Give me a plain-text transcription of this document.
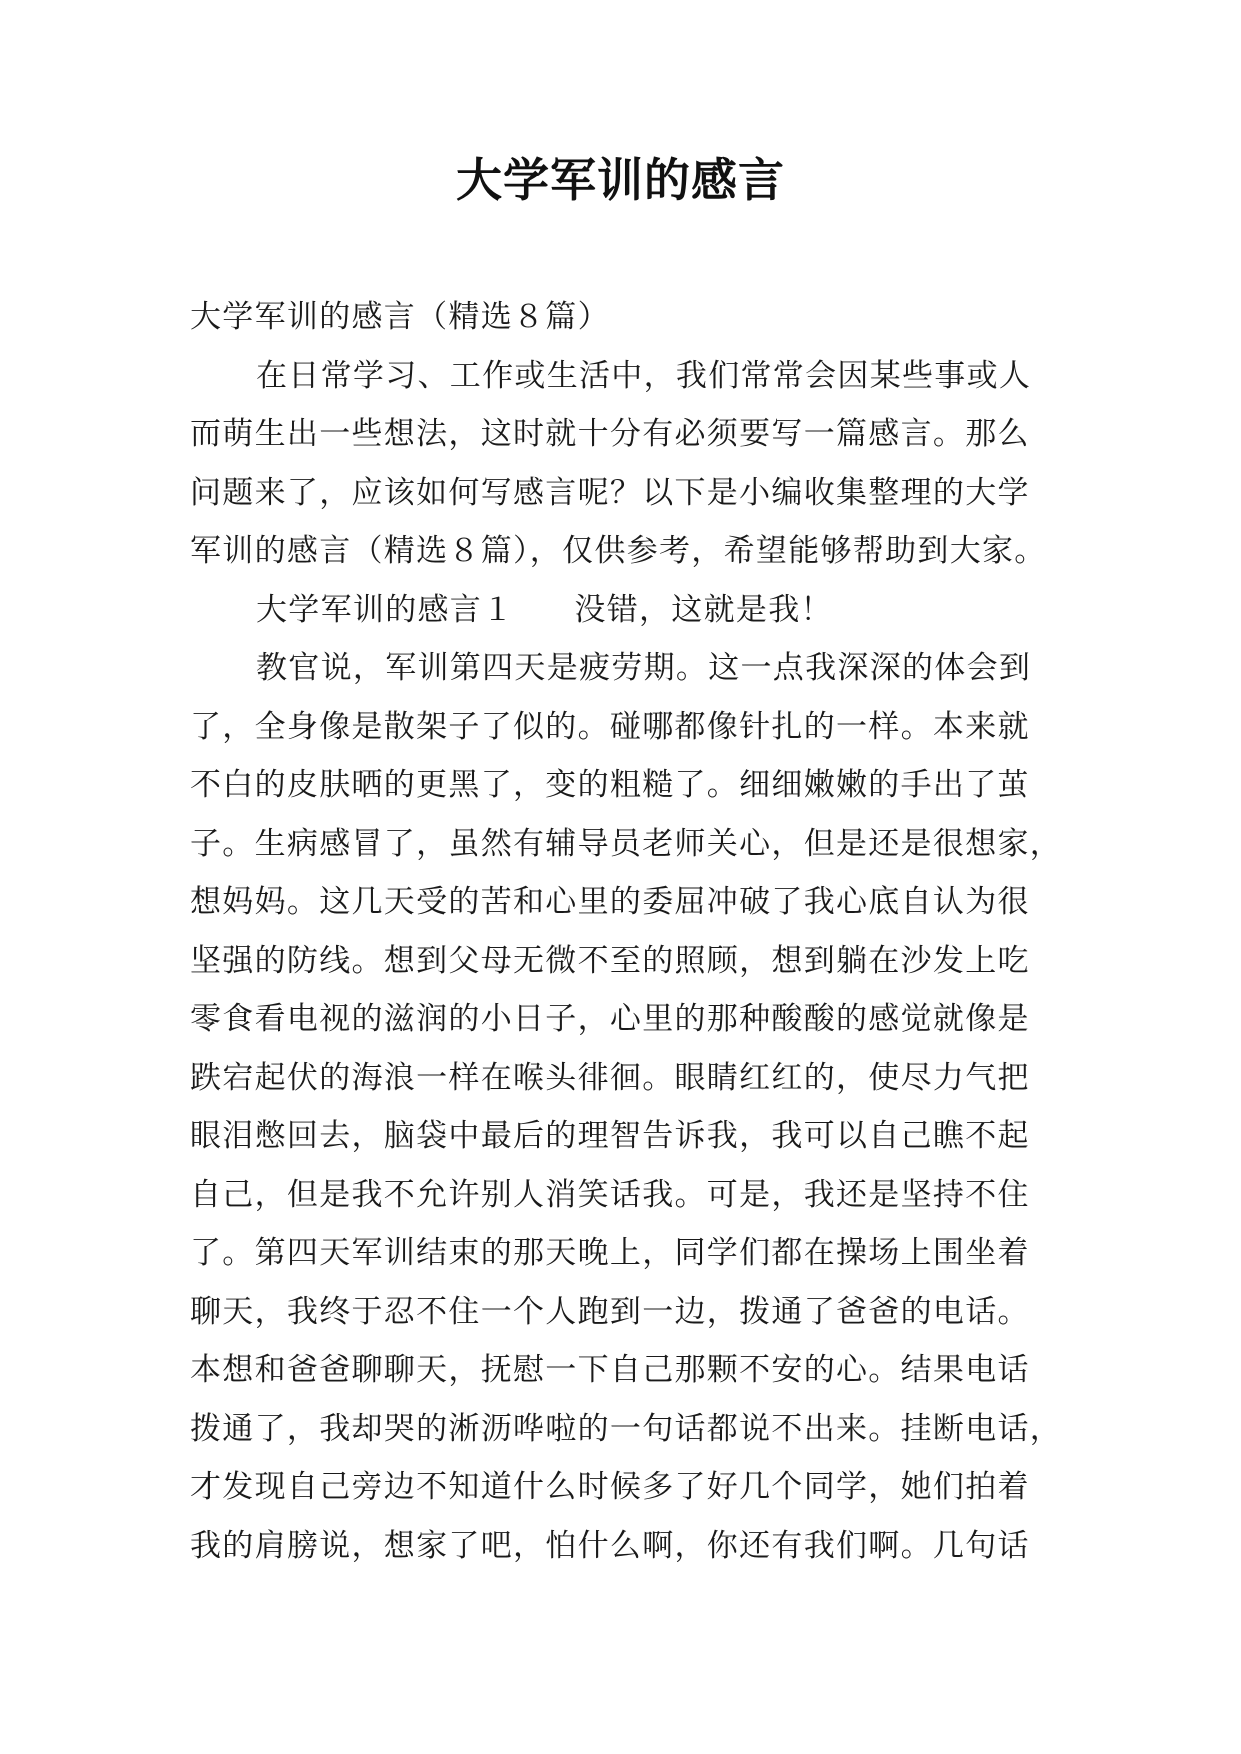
大学军训的感言
大学军训的感言（精选８篇）
在日常学习、工作或生活中，我们常常会因某些事或人
而萌生出一些想法，这时就十分有必须要写一篇感言。那么
问题来了，应该如何写感言呢？以下是小编收集整理的大学
军训的感言（精选８篇），仅供参考，希望能够帮助到大家。
大学军训的感言１ 没错，这就是我！
教官说，军训第四天是疲劳期。这一点我深深的体会到
了，全身像是散架子了似的。碰哪都像针扎的一样。本来就
不白的皮肤晒的更黑了，变的粗糙了。细细嫩嫩的手出了茧
子。生病感冒了，虽然有辅导员老师关心，但是还是很想家，
想妈妈。这几天受的苦和心里的委屈冲破了我心底自认为很
坚强的防线。想到父母无微不至的照顾，想到躺在沙发上吃
零食看电视的滋润的小日子，心里的那种酸酸的感觉就像是
跌宕起伏的海浪一样在喉头徘徊。眼睛红红的，使尽力气把
眼泪憋回去，脑袋中最后的理智告诉我，我可以自己瞧不起
自己，但是我不允许别人消笑话我。可是，我还是坚持不住
了。第四天军训结束的那天晚上，同学们都在操场上围坐着
聊天，我终于忍不住一个人跑到一边，拨通了爸爸的电话。
本想和爸爸聊聊天，抚慰一下自己那颗不安的心。结果电话
拨通了，我却哭的淅沥哗啦的一句话都说不出来。挂断电话，
才发现自己旁边不知道什么时候多了好几个同学，她们拍着
我的肩膀说，想家了吧，怕什么啊，你还有我们啊。几句话
